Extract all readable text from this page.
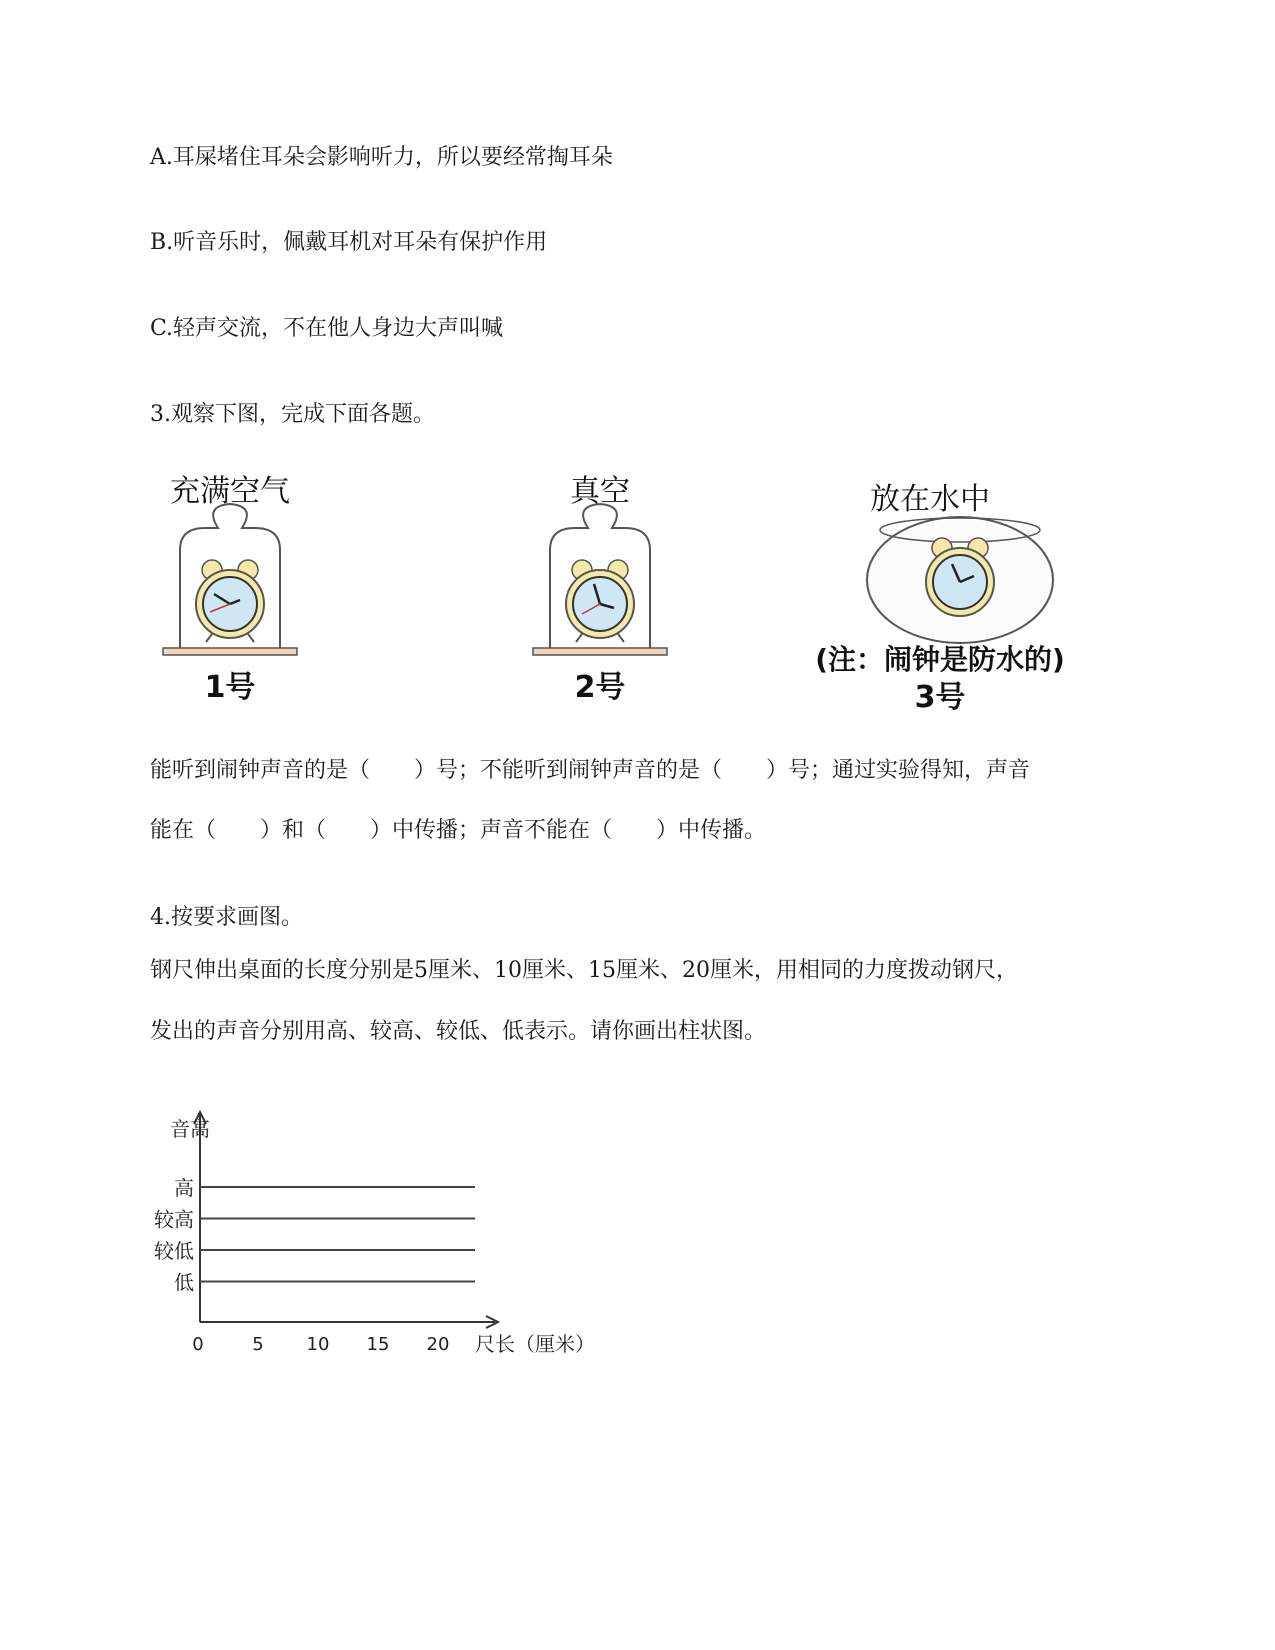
A.耳屎堵住耳朵会影响听力，所以要经常掏耳朵
B.听音乐时，佩戴耳机对耳朵有保护作用
C.轻声交流，不在他人身边大声叫喊
3.观察下图，完成下面各题。
充满空气
1号
真空
2号
放在水中
(注：闹钟是防水的)
3号
能听到闹钟声音的是（　　）号；不能听到闹钟声音的是（　　）号；通过实验得知，声音
能在（　　）和（　　）中传播；声音不能在（　　）中传播。
4.按要求画图。
钢尺伸出桌面的长度分别是5厘米、10厘米、15厘米、20厘米，用相同的力度拨动钢尺，
发出的声音分别用高、较高、较低、低表示。请你画出柱状图。
音高
尺长（厘米）
高
较高
较低
低
0	5 10 15 20
